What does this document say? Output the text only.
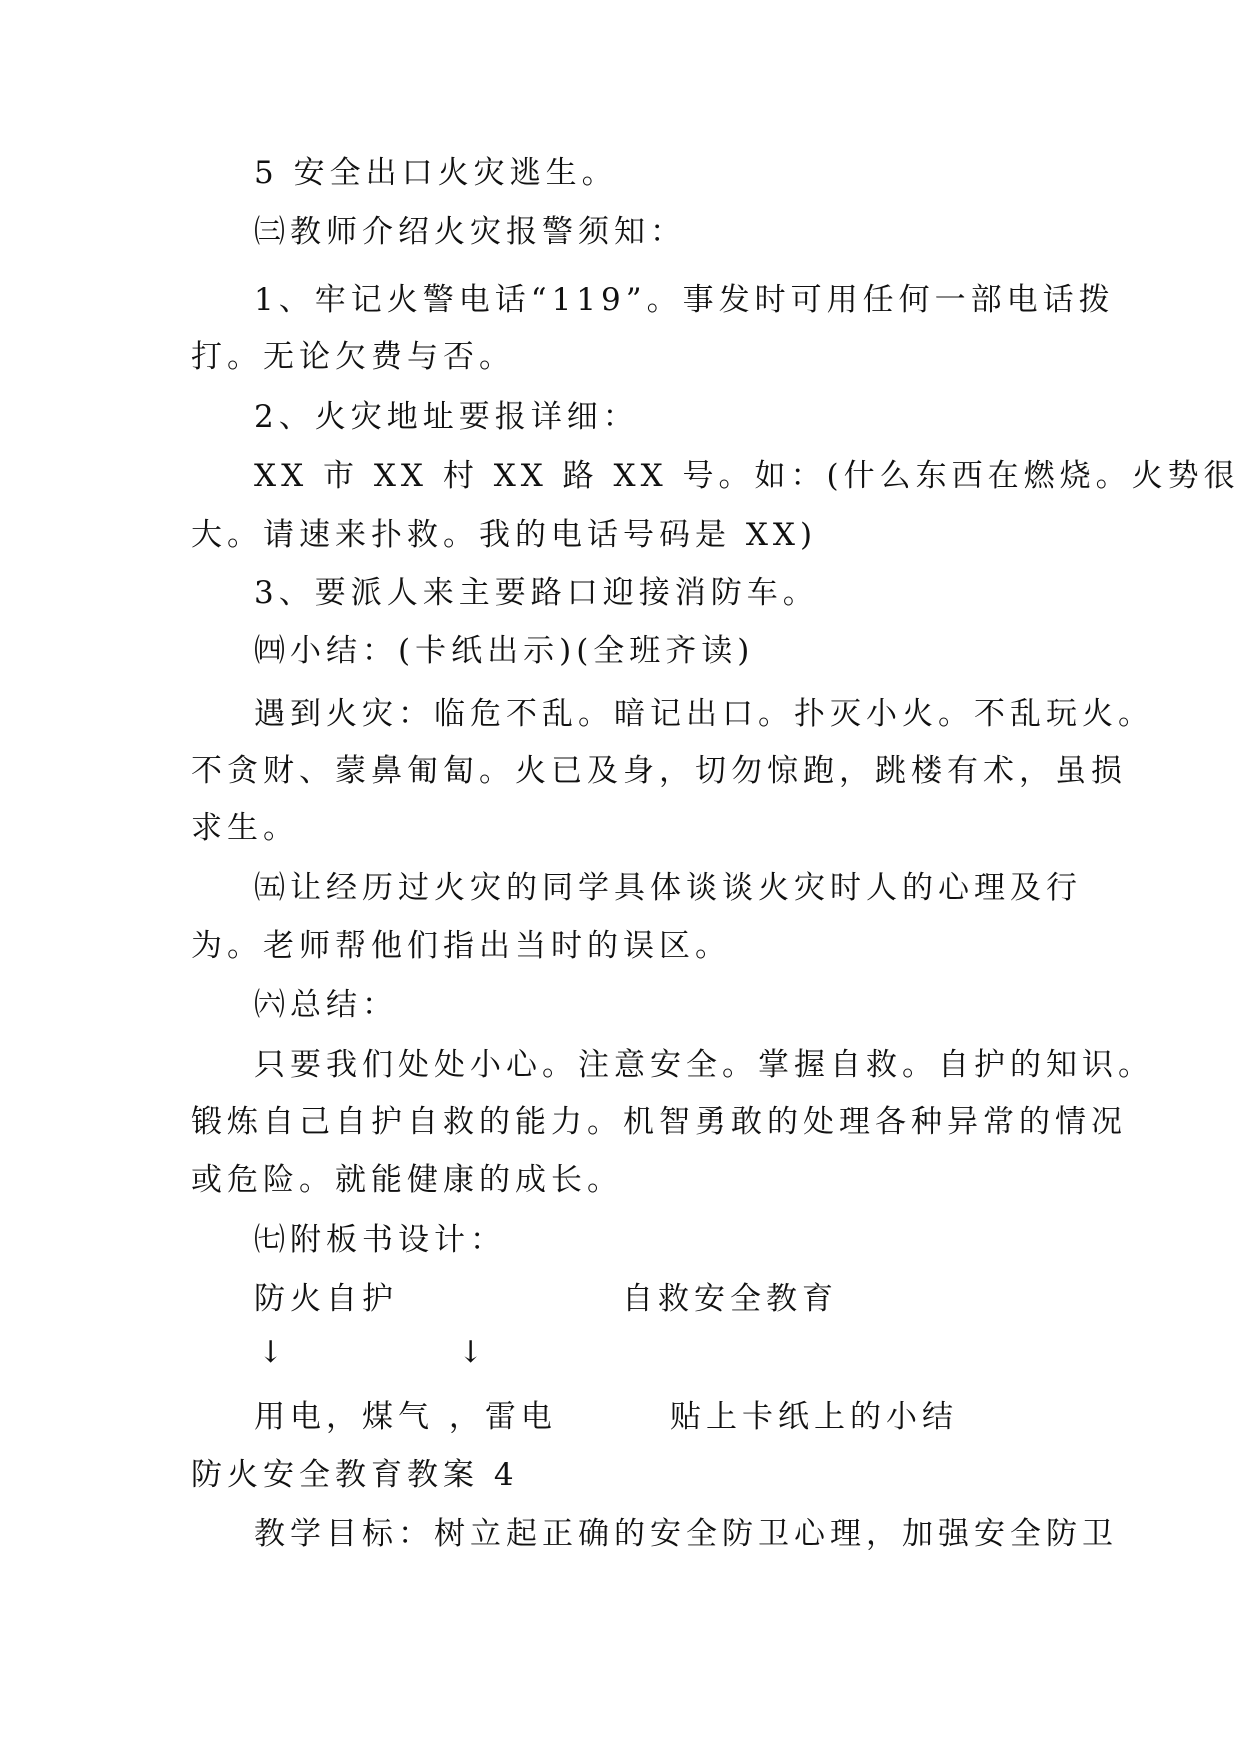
5 安全出口火灾逃生。
㈢教师介绍火灾报警须知：
1、牢记火警电话“119”。事发时可用任何一部电话拨
打。无论欠费与否。
2、火灾地址要报详细：
XX 市 XX 村 XX 路 XX 号。如：(什么东西在燃烧。火势很
大。请速来扑救。我的电话号码是 XX)
3、要派人来主要路口迎接消防车。
㈣小结：(卡纸出示)(全班齐读)
遇到火灾：临危不乱。暗记出口。扑灭小火。不乱玩火。
不贪财、蒙鼻匍匐。火已及身，切勿惊跑，跳楼有术，虽损
求生。
㈤让经历过火灾的同学具体谈谈火灾时人的心理及行
为。老师帮他们指出当时的误区。
㈥总结：
只要我们处处小心。注意安全。掌握自救。自护的知识。
锻炼自己自护自救的能力。机智勇敢的处理各种异常的情况
或危险。就能健康的成长。
㈦附板书设计：
防火自护	自救安全教育
↓	↓
用电，煤气 ，雷电	贴上卡纸上的小结
防火安全教育教案 4
教学目标：树立起正确的安全防卫心理，加强安全防卫
